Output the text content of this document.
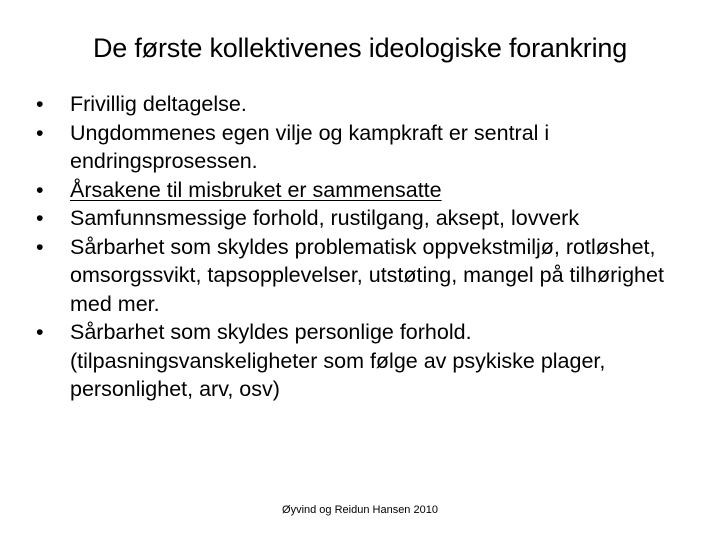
De første kollektivenes ideologiske forankring
•	Frivillig deltagelse.
•	Ungdommenes egen vilje og kampkraft er sentral i endringsprosessen.
•	Årsakene til misbruket er sammensatte
•	Samfunnsmessige forhold, rustilgang, aksept, lovverk
•	Sårbarhet som skyldes problematisk oppvekstmiljø, rotløshet, omsorgssvikt, tapsopplevelser, utstøting, mangel på tilhørighet med mer.
•	Sårbarhet som skyldes personlige forhold. (tilpasningsvanskeligheter som følge av psykiske plager, personlighet, arv, osv)
Øyvind og Reidun Hansen 2010
